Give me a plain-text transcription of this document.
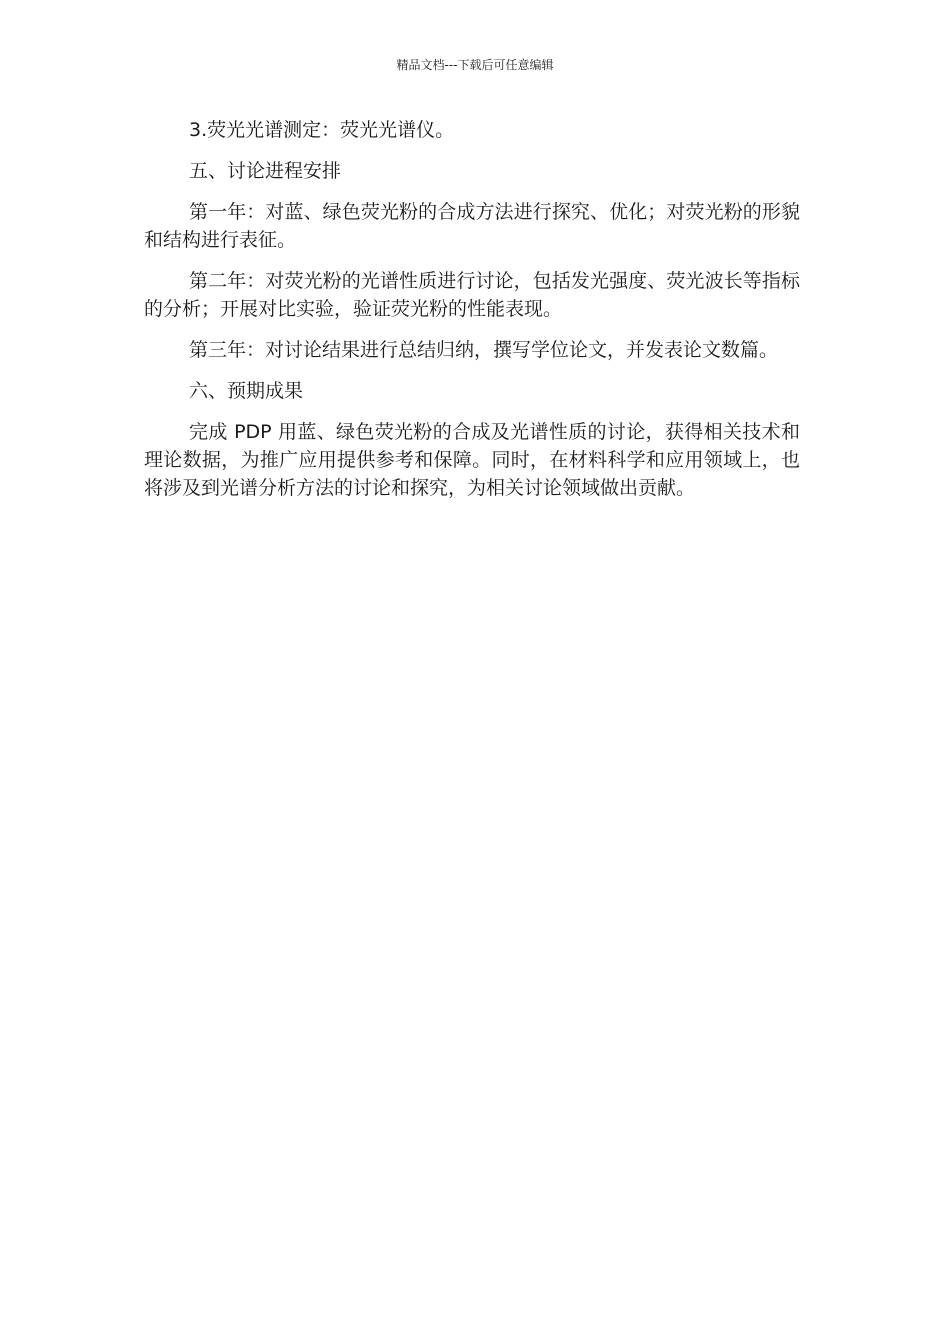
精品文档---下载后可任意编辑

3.荧光光谱测定：荧光光谱仪。

五、讨论进程安排

第一年：对蓝、绿色荧光粉的合成方法进行探究、优化；对荧光粉的形貌和结构进行表征。

第二年：对荧光粉的光谱性质进行讨论，包括发光强度、荧光波长等指标的分析；开展对比实验，验证荧光粉的性能表现。

第三年：对讨论结果进行总结归纳，撰写学位论文，并发表论文数篇。

六、预期成果

完成 PDP 用蓝、绿色荧光粉的合成及光谱性质的讨论，获得相关技术和理论数据，为推广应用提供参考和保障。同时，在材料科学和应用领域上，也将涉及到光谱分析方法的讨论和探究，为相关讨论领域做出贡献。
